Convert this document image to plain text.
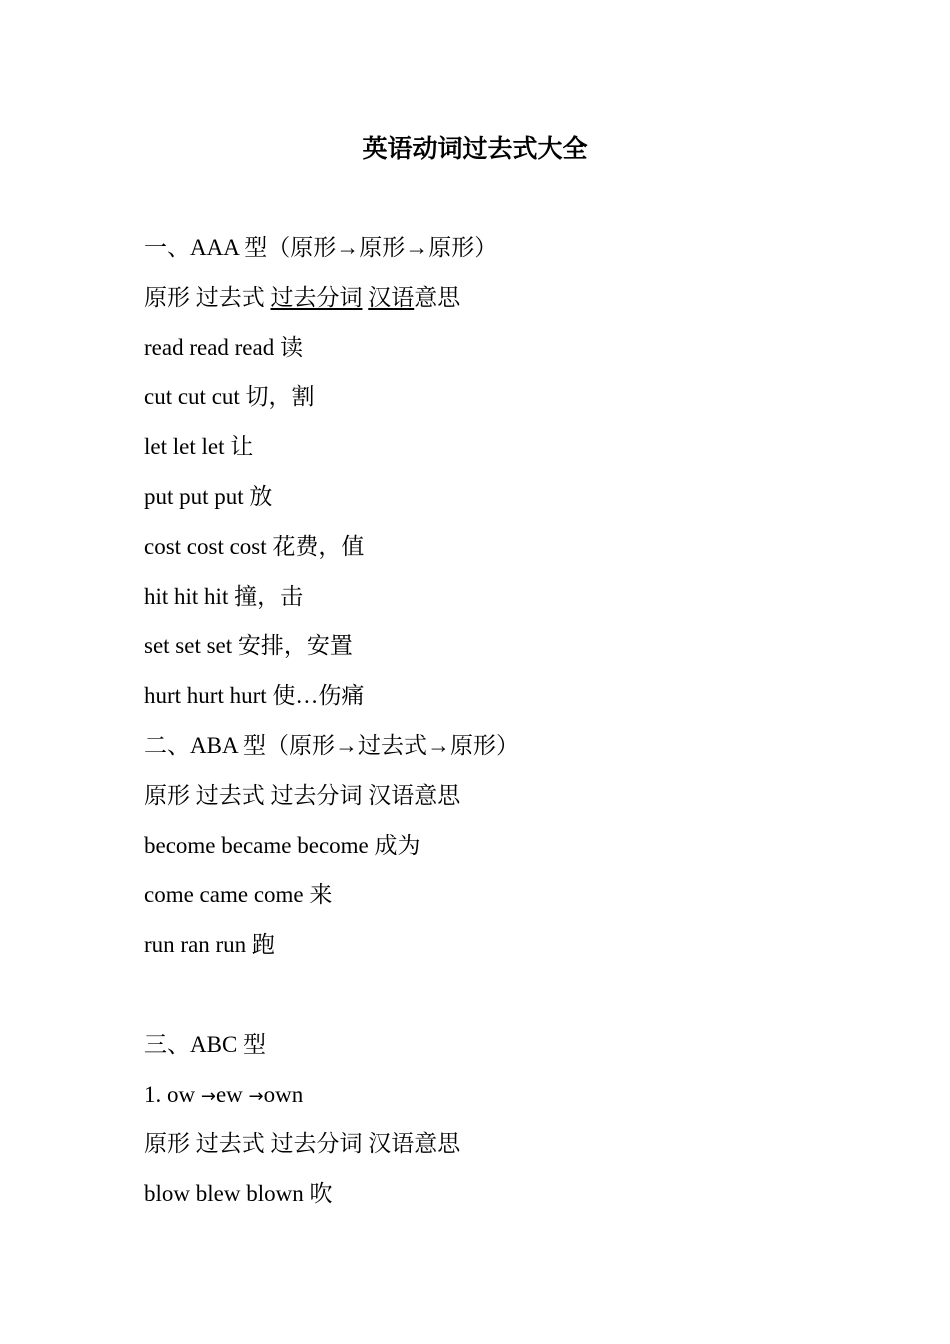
英语动词过去式大全
一、AAA 型（原形→原形→原形）
原形 过去式 过去分词 汉语意思
read read read 读
cut cut cut 切，割
let let let 让
put put put 放
cost cost cost 花费，值
hit hit hit 撞，击
set set set 安排，安置
hurt hurt hurt 使…伤痛
二、ABA 型（原形→过去式→原形）
原形 过去式 过去分词 汉语意思
become became become 成为
come came come 来
run ran run 跑
三、ABC 型
1. ow →ew →own
原形 过去式 过去分词 汉语意思
blow blew blown 吹
